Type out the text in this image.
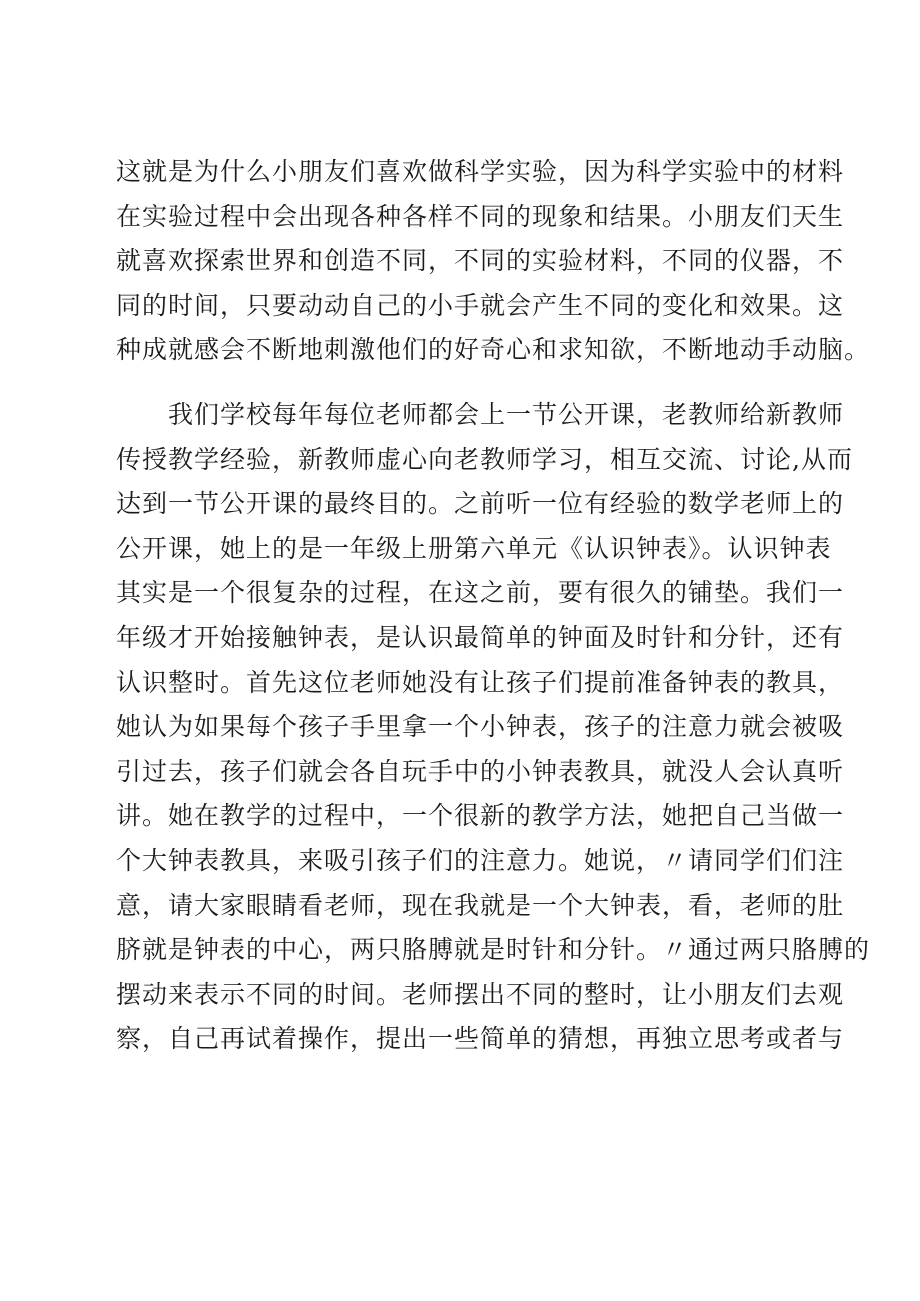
这就是为什么小朋友们喜欢做科学实验，因为科学实验中的材料
在实验过程中会出现各种各样不同的现象和结果。小朋友们天生
就喜欢探索世界和创造不同，不同的实验材料，不同的仪器，不
同的时间，只要动动自己的小手就会产生不同的变化和效果。这
种成就感会不断地刺激他们的好奇心和求知欲，不断地动手动脑。

　　我们学校每年每位老师都会上一节公开课，老教师给新教师
传授教学经验，新教师虚心向老教师学习，相互交流、讨论,从而
达到一节公开课的最终目的。之前听一位有经验的数学老师上的
公开课，她上的是一年级上册第六单元《认识钟表》。认识钟表
其实是一个很复杂的过程，在这之前，要有很久的铺垫。我们一
年级才开始接触钟表，是认识最简单的钟面及时针和分针，还有
认识整时。首先这位老师她没有让孩子们提前准备钟表的教具，
她认为如果每个孩子手里拿一个小钟表，孩子的注意力就会被吸
引过去，孩子们就会各自玩手中的小钟表教具，就没人会认真听
讲。她在教学的过程中，一个很新的教学方法，她把自己当做一
个大钟表教具，来吸引孩子们的注意力。她说，〃请同学们们注
意，请大家眼睛看老师，现在我就是一个大钟表，看，老师的肚
脐就是钟表的中心，两只胳膊就是时针和分针。〃通过两只胳膊的
摆动来表示不同的时间。老师摆出不同的整时，让小朋友们去观
察，自己再试着操作，提出一些简单的猜想，再独立思考或者与
